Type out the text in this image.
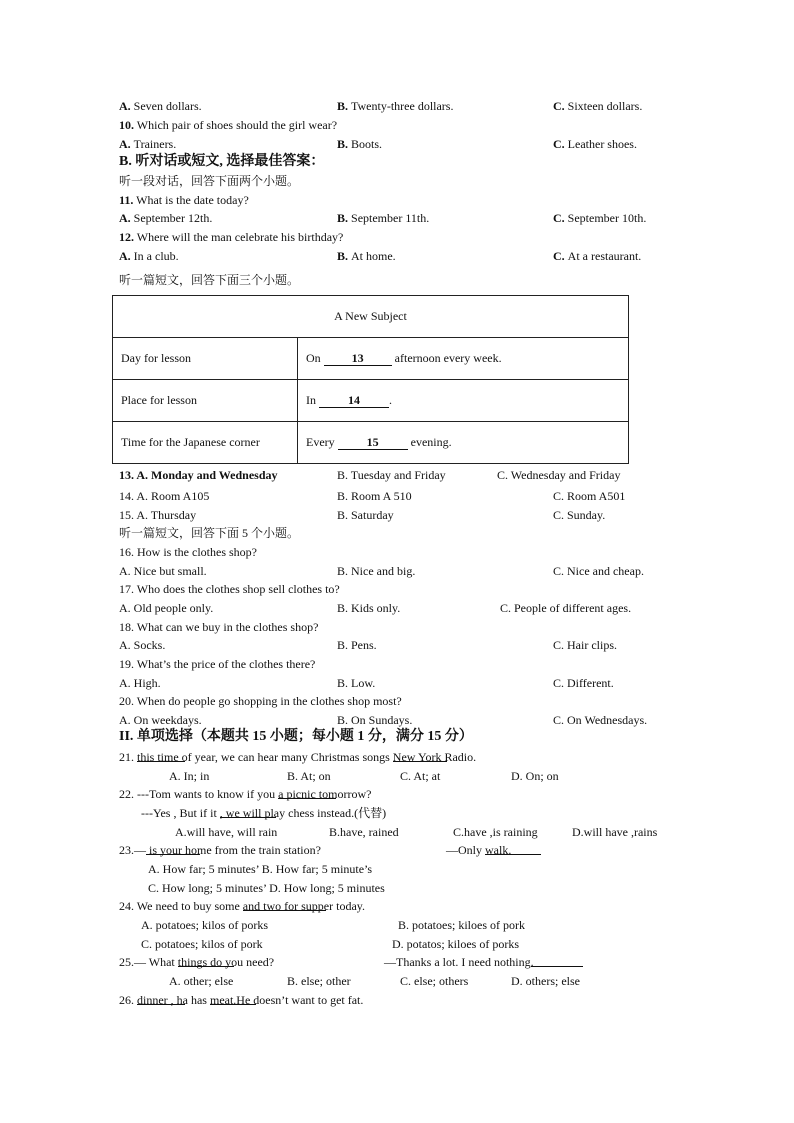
A. Seven dollars.	B. Twenty-three dollars.	C. Sixteen dollars.
10. Which pair of shoes should the girl wear?
A. Trainers.	B. Boots.	C. Leather shoes.
B. 听对话或短文, 选择最佳答案：
听一段对话，回答下面两个小题。
11. What is the date today?
A. September 12th.	B. September 11th.	C. September 10th.
12. Where will the man celebrate his birthday?
A. In a club.	B. At home.	C. At a restaurant.
听一篇短文，回答下面三个小题。
A New Subject	
Day for lesson	On 13 afternoon every week.
Place for lesson	In 14 .
Time for the Japanese corner	Every 15 evening.
13. A. Monday and Wednesday	B. Tuesday and Friday	C. Wednesday and Friday
14. A. Room A105	B. Room A 510	C. Room A501
15. A. Thursday	B. Saturday	C. Sunday.
听一篇短文，回答下面 5 个小题。
16. How is the clothes shop?
A. Nice but small.	B. Nice and big.	C. Nice and cheap.
17. Who does the clothes shop sell clothes to?
A. Old people only.	B. Kids only.	C. People of different ages.
18. What can we buy in the clothes shop?
A. Socks.	B. Pens.	C. Hair clips.
19. What’s the price of the clothes there?
A. High.	B. Low.	C. Different.
20. When do people go shopping in the clothes shop most?
A. On weekdays.	B. On Sundays.	C. On Wednesdays.
II. 单项选择（本题共 15 小题；每小题 1 分，满分 15 分）
21.
this time of year, we can hear many Christmas songs
New York Radio.
A. In; in	B. At; on	C. At; at	D. On; on
22. ---Tom wants to know if you
a picnic tomorrow?
---Yes , But if it
, we will play chess instead.(代替)
A.will have, will rain	B.have, rained	C.have ,is raining	D.will have ,rains
23.—
is your home from the train station?	—Only
walk.
A. How far; 5 minutes’ B. How far; 5 minute’s
C. How long; 5 minutes’ D. How long; 5 minutes
24. We need to buy some
and two
for supper today.
A. potatoes; kilos of porks	B. potatoes; kiloes of pork
C. potatoes; kilos of pork	D. potatos; kiloes of porks
25.— What
things do you need?	—Thanks a lot. I need nothing
.
A. other; else	B. else; other	C. else; others	D. others; else
26.
dinner , ha has
meat.He doesn’t want to get fat.
